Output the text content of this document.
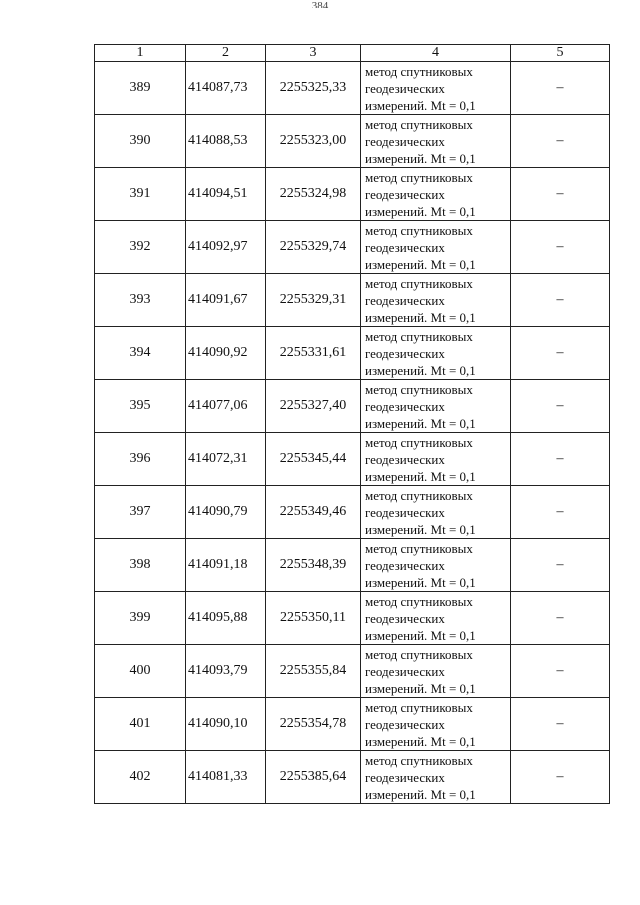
384
1	2	3	4	5
389	414087,73	2255325,33	метод спутниковых
геодезических
измерений. Mt = 0,1	–
390	414088,53	2255323,00	метод спутниковых
геодезических
измерений. Mt = 0,1	–
391	414094,51	2255324,98	метод спутниковых
геодезических
измерений. Mt = 0,1	–
392	414092,97	2255329,74	метод спутниковых
геодезических
измерений. Mt = 0,1	–
393	414091,67	2255329,31	метод спутниковых
геодезических
измерений. Mt = 0,1	–
394	414090,92	2255331,61	метод спутниковых
геодезических
измерений. Mt = 0,1	–
395	414077,06	2255327,40	метод спутниковых
геодезических
измерений. Mt = 0,1	–
396	414072,31	2255345,44	метод спутниковых
геодезических
измерений. Mt = 0,1	–
397	414090,79	2255349,46	метод спутниковых
геодезических
измерений. Mt = 0,1	–
398	414091,18	2255348,39	метод спутниковых
геодезических
измерений. Mt = 0,1	–
399	414095,88	2255350,11	метод спутниковых
геодезических
измерений. Mt = 0,1	–
400	414093,79	2255355,84	метод спутниковых
геодезических
измерений. Mt = 0,1	–
401	414090,10	2255354,78	метод спутниковых
геодезических
измерений. Mt = 0,1	–
402	414081,33	2255385,64	метод спутниковых
геодезических
измерений. Mt = 0,1	–
